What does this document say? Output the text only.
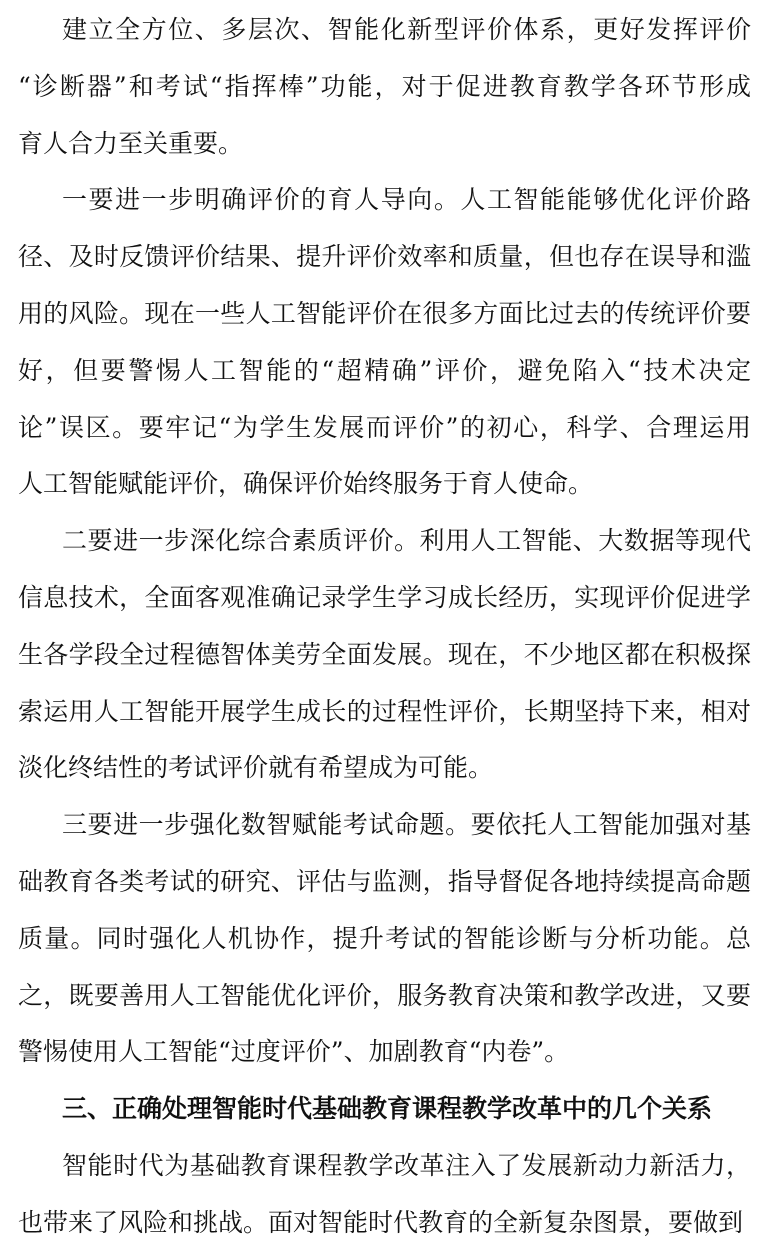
建立全方位、多层次、智能化新型评价体系，更好发挥评价
“诊断器”和考试“指挥棒”功能，对于促进教育教学各环节形成
育人合力至关重要。
一要进一步明确评价的育人导向。人工智能能够优化评价路
径、及时反馈评价结果、提升评价效率和质量，但也存在误导和滥
用的风险。现在一些人工智能评价在很多方面比过去的传统评价要
好，但要警惕人工智能的“超精确”评价，避免陷入“技术决定
论”误区。要牢记“为学生发展而评价”的初心，科学、合理运用
人工智能赋能评价，确保评价始终服务于育人使命。
二要进一步深化综合素质评价。利用人工智能、大数据等现代
信息技术，全面客观准确记录学生学习成长经历，实现评价促进学
生各学段全过程德智体美劳全面发展。现在，不少地区都在积极探
索运用人工智能开展学生成长的过程性评价，长期坚持下来，相对
淡化终结性的考试评价就有希望成为可能。
三要进一步强化数智赋能考试命题。要依托人工智能加强对基
础教育各类考试的研究、评估与监测，指导督促各地持续提高命题
质量。同时强化人机协作，提升考试的智能诊断与分析功能。总
之，既要善用人工智能优化评价，服务教育决策和教学改进，又要
警惕使用人工智能“过度评价”、加剧教育“内卷”。
三、正确处理智能时代基础教育课程教学改革中的几个关系
智能时代为基础教育课程教学改革注入了发展新动力新活力，
也带来了风险和挑战。面对智能时代教育的全新复杂图景，要做到
